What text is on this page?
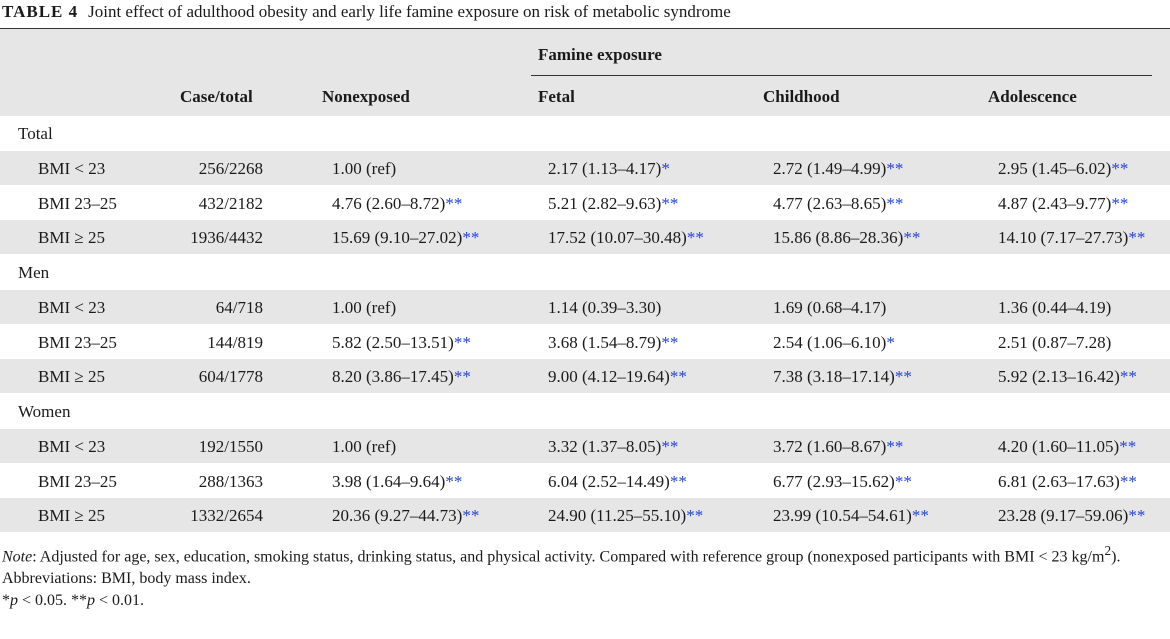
TABLE 4 Joint effect of adulthood obesity and early life famine exposure on risk of metabolic syndrome
Famine exposure
Case/total	Nonexposed	Fetal	Childhood	Adolescence
Total
BMI < 23	256/2268	1.00 (ref)	2.17 (1.13–4.17)*	2.72 (1.49–4.99)**	2.95 (1.45–6.02)**
BMI 23–25	432/2182	4.76 (2.60–8.72)**	5.21 (2.82–9.63)**	4.77 (2.63–8.65)**	4.87 (2.43–9.77)**
BMI ≥ 25	1936/4432	15.69 (9.10–27.02)**	17.52 (10.07–30.48)**	15.86 (8.86–28.36)**	14.10 (7.17–27.73)**
Men
BMI < 23	64/718	1.00 (ref)	1.14 (0.39–3.30)	1.69 (0.68–4.17)	1.36 (0.44–4.19)
BMI 23–25	144/819	5.82 (2.50–13.51)**	3.68 (1.54–8.79)**	2.54 (1.06–6.10)*	2.51 (0.87–7.28)
BMI ≥ 25	604/1778	8.20 (3.86–17.45)**	9.00 (4.12–19.64)**	7.38 (3.18–17.14)**	5.92 (2.13–16.42)**
Women
BMI < 23	192/1550	1.00 (ref)	3.32 (1.37–8.05)**	3.72 (1.60–8.67)**	4.20 (1.60–11.05)**
BMI 23–25	288/1363	3.98 (1.64–9.64)**	6.04 (2.52–14.49)**	6.77 (2.93–15.62)**	6.81 (2.63–17.63)**
BMI ≥ 25	1332/2654	20.36 (9.27–44.73)**	24.90 (11.25–55.10)**	23.99 (10.54–54.61)**	23.28 (9.17–59.06)**

Note: Adjusted for age, sex, education, smoking status, drinking status, and physical activity. Compared with reference group (nonexposed participants with BMI < 23 $kg/m^2$).

Abbreviations: BMI, body mass index.

*p < 0.05. **p < 0.01.
